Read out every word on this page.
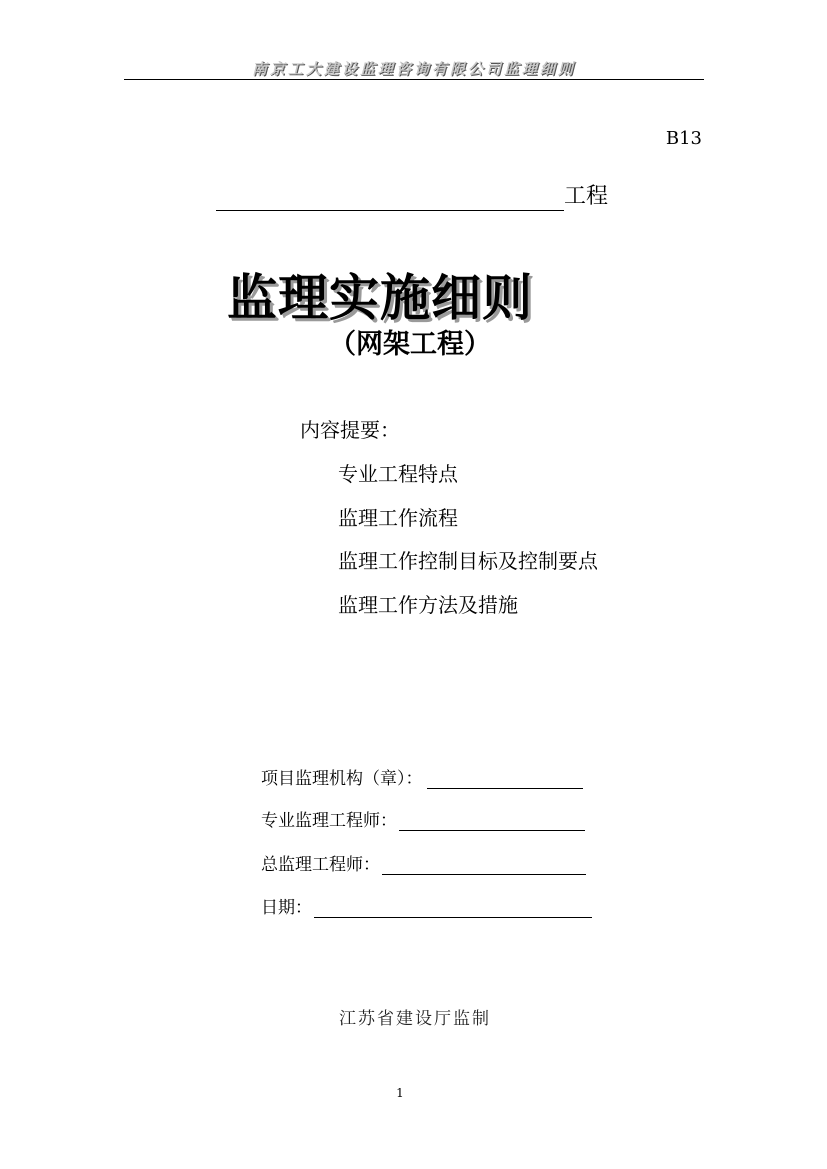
南京工大建设监理咨询有限公司监理细则
B13
工程
监理实施细则
（网架工程）
内容提要：
专业工程特点
监理工作流程
监理工作控制目标及控制要点
监理工作方法及措施
项目监理机构（章）：
专业监理工程师：
总监理工程师：
日期：
江苏省建设厅监制
1
